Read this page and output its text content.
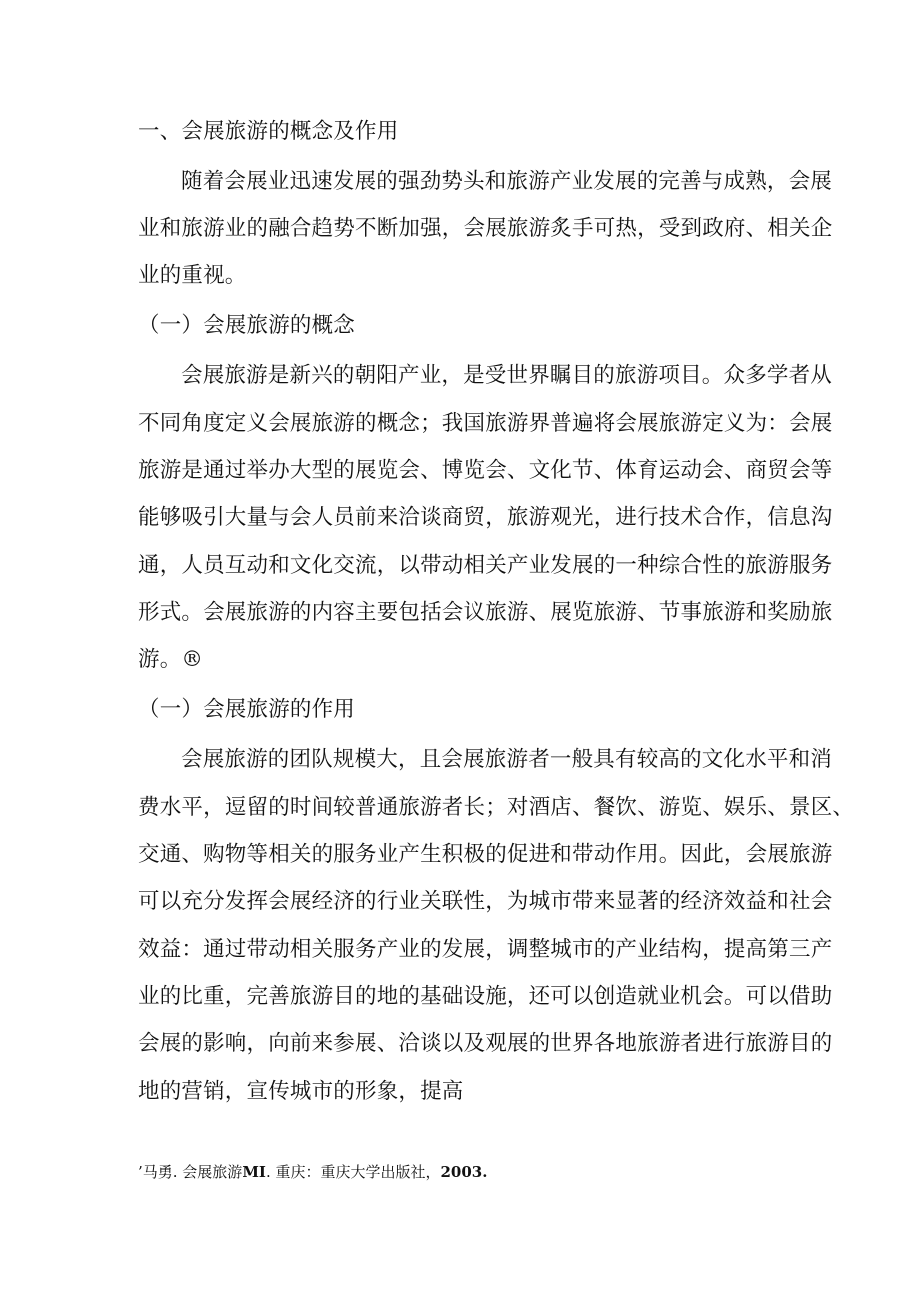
一、会展旅游的概念及作用
随着会展业迅速发展的强劲势头和旅游产业发展的完善与成熟，会展
业和旅游业的融合趋势不断加强，会展旅游炙手可热，受到政府、相关企
业的重视。
（一）会展旅游的概念
会展旅游是新兴的朝阳产业，是受世界瞩目的旅游项目。众多学者从
不同角度定义会展旅游的概念；我国旅游界普遍将会展旅游定义为：会展
旅游是通过举办大型的展览会、博览会、文化节、体育运动会、商贸会等
能够吸引大量与会人员前来洽谈商贸，旅游观光，进行技术合作，信息沟
通，人员互动和文化交流，以带动相关产业发展的一种综合性的旅游服务
形式。会展旅游的内容主要包括会议旅游、展览旅游、节事旅游和奖励旅
游。®
（一）会展旅游的作用
会展旅游的团队规模大，且会展旅游者一般具有较高的文化水平和消
费水平，逗留的时间较普通旅游者长；对酒店、餐饮、游览、娱乐、景区、
交通、购物等相关的服务业产生积极的促进和带动作用。因此，会展旅游
可以充分发挥会展经济的行业关联性，为城市带来显著的经济效益和社会
效益：通过带动相关服务产业的发展，调整城市的产业结构，提高第三产
业的比重，完善旅游目的地的基础设施，还可以创造就业机会。可以借助
会展的影响，向前来参展、洽谈以及观展的世界各地旅游者进行旅游目的
地的营销，宣传城市的形象，提高
’马勇. 会展旅游MI. 重庆：重庆大学出版社，2003.
